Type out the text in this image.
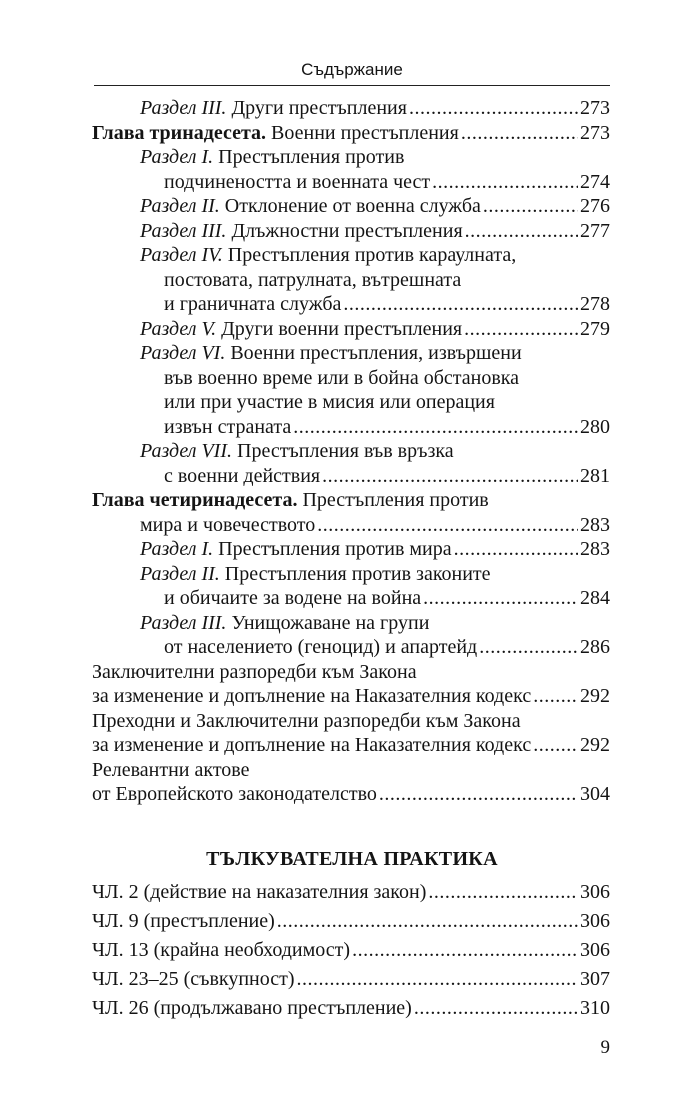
Съдържание
Раздел III. Други престъпления .....	273
Глава тринадесета. Военни престъпления .....	273
Раздел I. Престъпления против
подчинеността и военната чест .....	274
Раздел II. Отклонение от военна служба .....	276
Раздел III. Длъжностни престъпления .....	277
Раздел IV. Престъпления против караулната,
постовата, патрулната, вътрешната
и граничната служба .....	278
Раздел V. Други военни престъпления .....	279
Раздел VI. Военни престъпления, извършени
във военно време или в бойна обстановка
или при участие в мисия или операция
извън страната .....	280
Раздел VII. Престъпления във връзка
с военни действия .....	281
Глава четиринадесета. Престъпления против
мира и човечеството .....	283
Раздел I. Престъпления против мира .....	283
Раздел II. Престъпления против законите
и обичаите за водене на война .....	284
Раздел III. Унищожаване на групи
от населението (геноцид) и апартейд .....	286
Заключителни разпоредби към Закона
за изменение и допълнение на Наказателния кодекс ..... 292
Преходни и Заключителни разпоредби към Закона
за изменение и допълнение на Наказателния кодекс ..... 292
Релевантни актове
от Европейското законодателство .....	304
ТЪЛКУВАТЕЛНА ПРАКТИКА
ЧЛ. 2 (действие на наказателния закон) .....	306
ЧЛ. 9 (престъпление) .....	306
ЧЛ. 13 (крайна необходимост) .....	306
ЧЛ. 23–25 (съвкупност) .....	307
ЧЛ. 26 (продължавано престъпление) .....	310
9
